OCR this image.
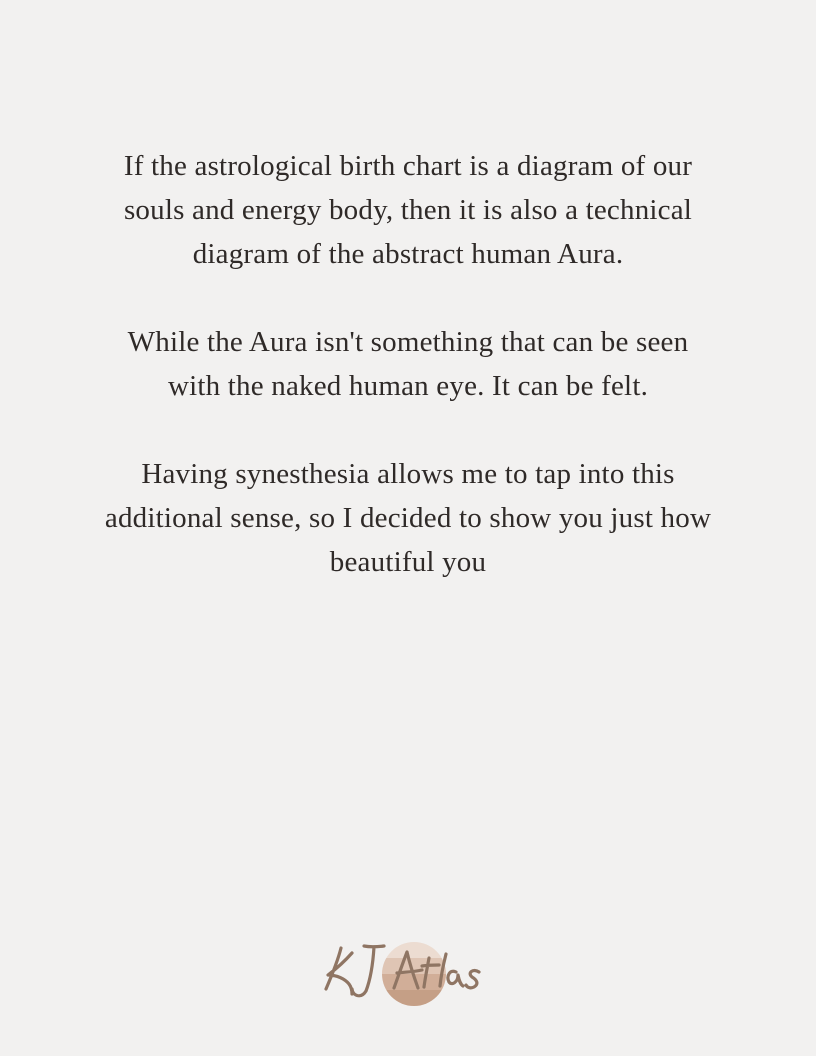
If the astrological birth chart is a diagram of our souls and energy body, then it is also a technical diagram of the abstract human Aura.

While the Aura isn't something that can be seen with the naked human eye. It can be felt.

Having synesthesia allows me to tap into this additional sense, so I decided to show you just how beautiful you
